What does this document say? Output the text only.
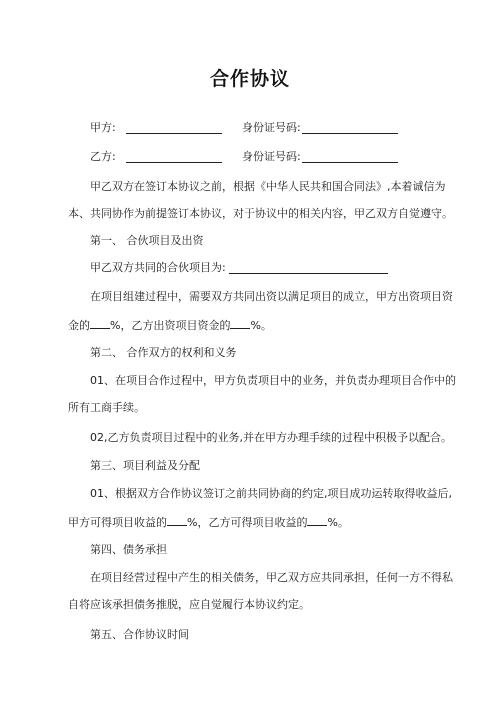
合作协议
甲方:	身份证号码:
乙方:	身份证号码:
甲乙双方在签订本协议之前，根据《中华人民共和国合同法》,本着诚信为
本、共同协作为前提签订本协议，对于协议中的相关内容，甲乙双方自觉遵守。
第一、 合伙项目及出资
甲乙双方共同的合伙项目为:
在项目组建过程中，需要双方共同出资以满足项目的成立，甲方出资项目资
金的 %，乙方出资项目资金的 %。
第二、 合作双方的权利和义务
01、在项目合作过程中，甲方负责项目中的业务，并负责办理项目合作中的
所有工商手续。
02,乙方负责项目过程中的业务,并在甲方办理手续的过程中积极予以配合。
第三、项目利益及分配
01、根据双方合作协议签订之前共同协商的约定,项目成功运转取得收益后,
甲方可得项目收益的 %，乙方可得项目收益的 %。
第四、债务承担
在项目经营过程中产生的相关债务，甲乙双方应共同承担，任何一方不得私
自将应该承担债务推脱，应自觉履行本协议约定。
第五、合作协议时间
